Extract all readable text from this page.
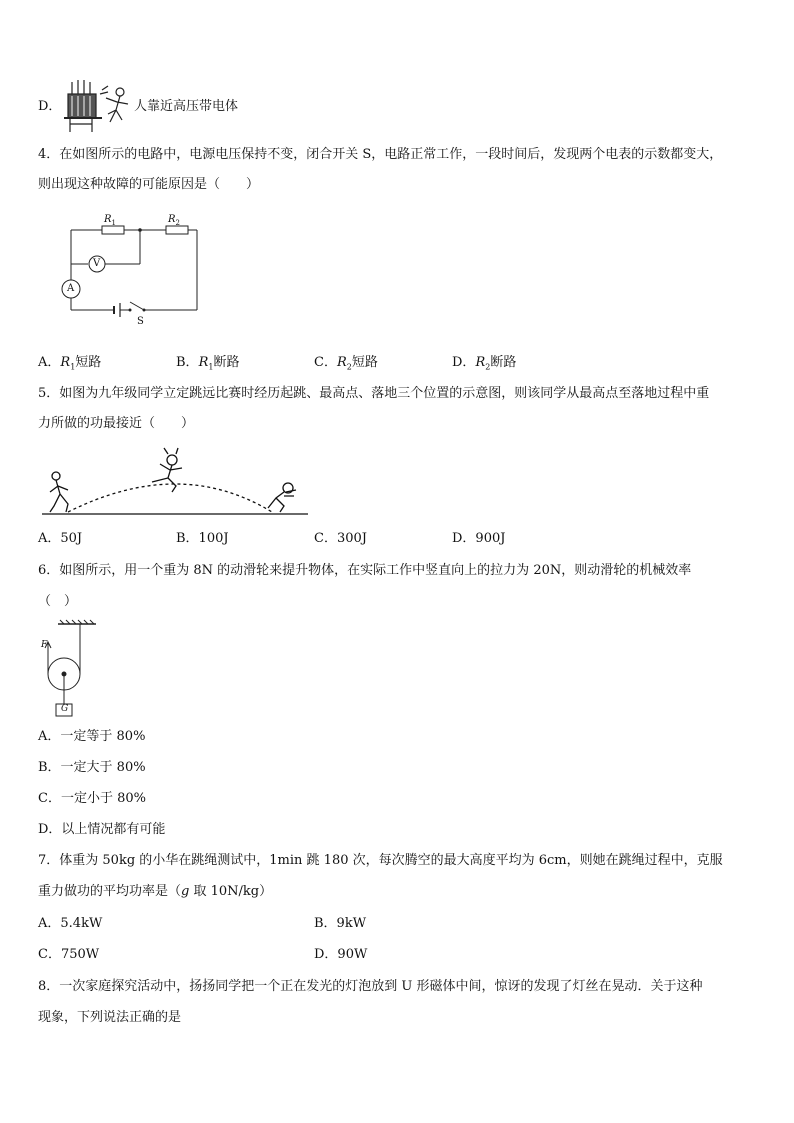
D．	人靠近高压带电体
4．在如图所示的电路中，电源电压保持不变，闭合开关 S，电路正常工作，一段时间后，发现两个电表的示数都变大，
则出现这种故障的可能原因是（　　）
$R_1$	$R_2$
V
A
S
A．$R_1$短路	B．$R_1$断路	C．$R_2$短路	D．$R_2$断路
5．如图为九年级同学立定跳远比赛时经历起跳、最高点、落地三个位置的示意图，则该同学从最高点至落地过程中重
力所做的功最接近（　　）
A．50J	B．100J	C．300J	D．900J
6．如图所示，用一个重为 8N 的动滑轮来提升物体，在实际工作中竖直向上的拉力为 20N，则动滑轮的机械效率
（　）
F
G
A．一定等于 80%
B．一定大于 80%
C．一定小于 80%
D．以上情况都有可能
7．体重为 50kg 的小华在跳绳测试中，1min 跳 180 次，每次腾空的最大高度平均为 6cm，则她在跳绳过程中，克服
重力做功的平均功率是（g 取 10N/kg）
A．5.4kW	B．9kW
C．750W	D．90W
8．一次家庭探究活动中，扬扬同学把一个正在发光的灯泡放到 U 形磁体中间，惊讶的发现了灯丝在晃动．关于这种
现象，下列说法正确的是
